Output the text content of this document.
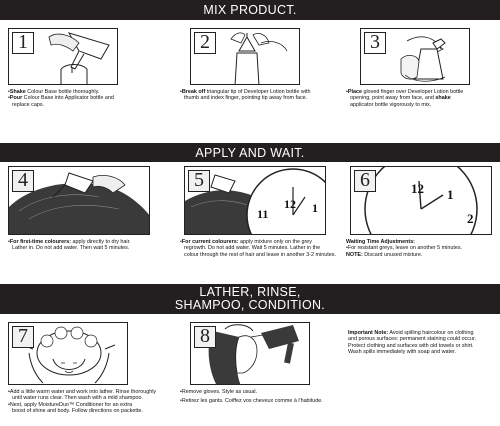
MIX PRODUCT.
1

• Shake Colour Base bottle thoroughly.

• Pour Colour Base into Applicator bottle and

replace caps.

2

• Break off triangular tip of Developer Lotion bottle with

thumb and index finger, pointing tip away from face.

3

• Place gloved finger over Developer Lotion bottle

opening, point away from face, and shake

applicator bottle vigorously to mix.

APPLY AND WAIT.
4

• For first-time colourers: apply directly to dry hair.

Lather in. Do not add water. Then wait 5 minutes.

12 1
11
5

• For current colourers: apply mixture only on the grey

regrowth. Do not add water. Wait 5 minutes. Lather in the

colour through the rest of hair and leave in another 3-2 minutes.

12 1
2
6

Waiting Time Adjustments:

• For resistant greys, leave on another 5 minutes.

NOTE: Discard unused mixture.

LATHER, RINSE,
SHAMPOO, CONDITION.
7

• Add a little warm water and work into lather. Rinse thoroughly

until water runs clear. Then wash with a mild shampoo.

• Next, apply MoistureDuo™ Conditioner for an extra

boost of shine and body. Follow directions on packette.

8

• Remove gloves. Style as usual.

• Retirez les gants. Coiffez vos cheveux comme à l'habitude.

Important Note: Avoid spilling haircolour on clothing

and porous surfaces: permanent staining could occur.

Protect clothing and surfaces with old towels or shirt.

Wash spills immediately with soap and water.
